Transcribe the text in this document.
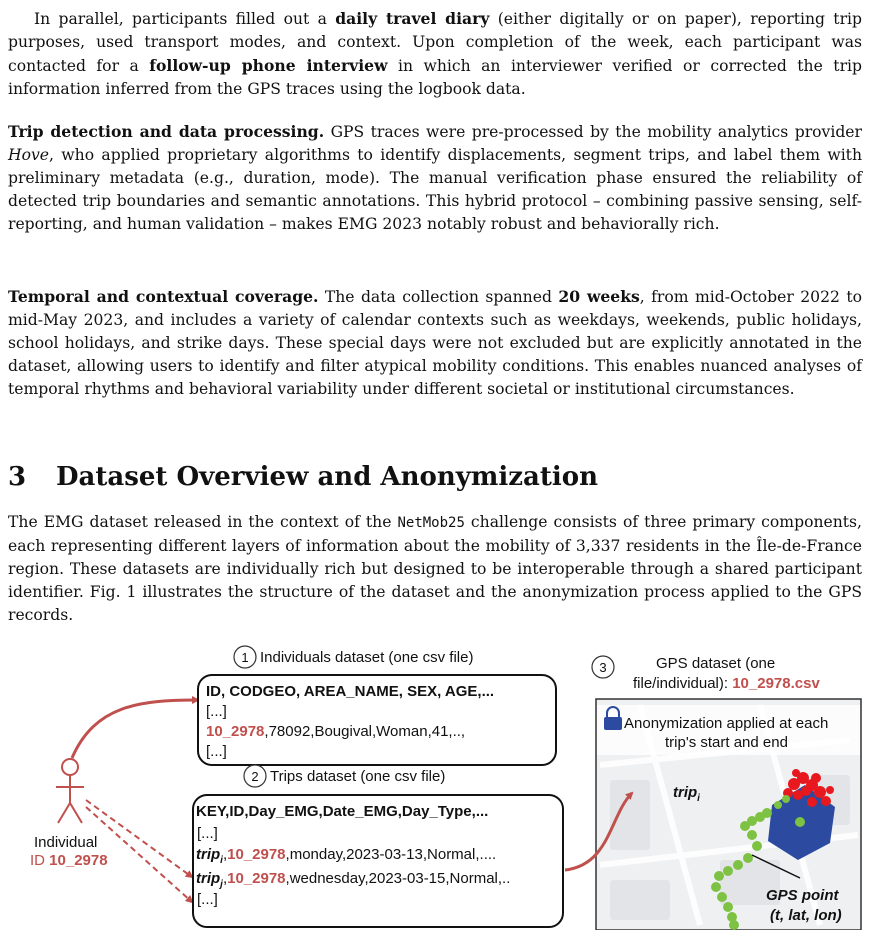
In parallel, participants filled out a daily travel diary (either digitally or on paper), reporting trip purposes, used transport modes, and context. Upon completion of the week, each participant was contacted for a follow-up phone interview in which an interviewer verified or corrected the trip information inferred from the GPS traces using the logbook data.

Trip detection and data processing. GPS traces were pre-processed by the mobility analytics provider Hove, who applied proprietary algorithms to identify displacements, segment trips, and label them with preliminary metadata (e.g., duration, mode). The manual verification phase ensured the reliability of detected trip boundaries and semantic annotations. This hybrid protocol – combining passive sensing, self-reporting, and human validation – makes EMG 2023 notably robust and behaviorally rich.

Temporal and contextual coverage. The data collection spanned 20 weeks, from mid-October 2022 to mid-May 2023, and includes a variety of calendar contexts such as weekdays, weekends, public holidays, school holidays, and strike days. These special days were not excluded but are explicitly annotated in the dataset, allowing users to identify and filter atypical mobility conditions. This enables nuanced analyses of temporal rhythms and behavioral variability under different societal or institutional circumstances.

3 Dataset Overview and Anonymization

The EMG dataset released in the context of the NetMob25 challenge consists of three primary components, each representing different layers of information about the mobility of 3,337 residents in the Île-de-France region. These datasets are individually rich but designed to be interoperable through a shared participant identifier. Fig. 1 illustrates the structure of the dataset and the anonymization process applied to the GPS records.

Individual
ID 10_2978
1 Individuals dataset (one csv file)
ID, CODGEO, AREA_NAME, SEX, AGE,...
[...]
10_2978,78092,Bougival,Woman,41,..,
[...]
2 Trips dataset (one csv file)
KEY,ID,Day_EMG,Date_EMG,Day_Type,...
[...]
trip$_i$,10_2978,monday,2023-03-13,Normal,....
trip$_j$,10_2978,wednesday,2023-03-15,Normal,..
[...]
3	GPS dataset (one
file/individual): 10_2978.csv
Anonymization applied at each
trip's start and end
trip$_i$
GPS point
(t, lat, lon)
